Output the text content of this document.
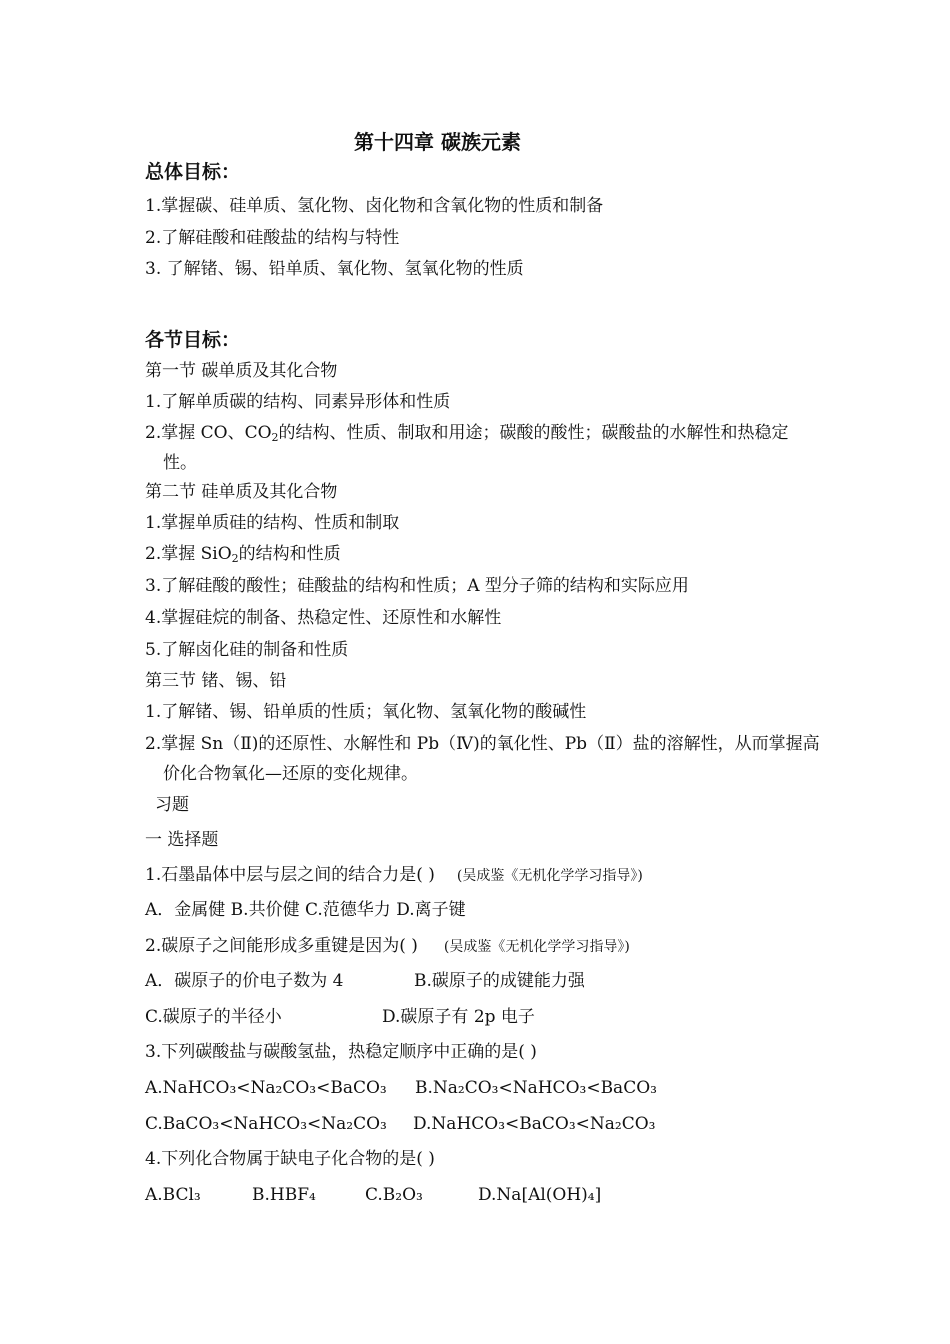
第十四章 碳族元素
总体目标：
1.掌握碳、硅单质、氢化物、卤化物和含氧化物的性质和制备
2.了解硅酸和硅酸盐的结构与特性
3. 了解锗、锡、铅单质、氧化物、氢氧化物的性质
各节目标：
第一节 碳单质及其化合物
1.了解单质碳的结构、同素异形体和性质
2.掌握 CO、$CO_2$的结构、性质、制取和用途；碳酸的酸性；碳酸盐的水解性和热稳定
性。
第二节 硅单质及其化合物
1.掌握单质硅的结构、性质和制取
2.掌握 SiO$_2$的结构和性质
3.了解硅酸的酸性；硅酸盐的结构和性质；A 型分子筛的结构和实际应用
4.掌握硅烷的制备、热稳定性、还原性和水解性
5.了解卤化硅的制备和性质
第三节 锗、锡、铅
1.了解锗、锡、铅单质的性质；氧化物、氢氧化物的酸碱性
2.掌握 Sn（Ⅱ)的还原性、水解性和 Pb（Ⅳ)的氧化性、Pb（Ⅱ）盐的溶解性，从而掌握高
价化合物氧化—还原的变化规律。
习题
一 选择题
1.石墨晶体中层与层之间的结合力是( ) (吴成鉴《无机化学学习指导》)
A．金属健 B.共价健 C.范德华力 D.离子键
2.碳原子之间能形成多重键是因为( ) (吴成鉴《无机化学学习指导》)
A．碳原子的价电子数为 4	B.碳原子的成键能力强
C.碳原子的半径小	D.碳原子有 2p 电子
3.下列碳酸盐与碳酸氢盐，热稳定顺序中正确的是( )
A.NaHCO₃<Na₂CO₃<BaCO₃ B.Na₂CO₃<NaHCO₃<BaCO₃
C.BaCO₃<NaHCO₃<Na₂CO₃ D.NaHCO₃<BaCO₃<Na₂CO₃
4.下列化合物属于缺电子化合物的是( )
A.BCl₃	B.HBF₄	C.B₂O₃	D.Na[Al(OH)₄]
